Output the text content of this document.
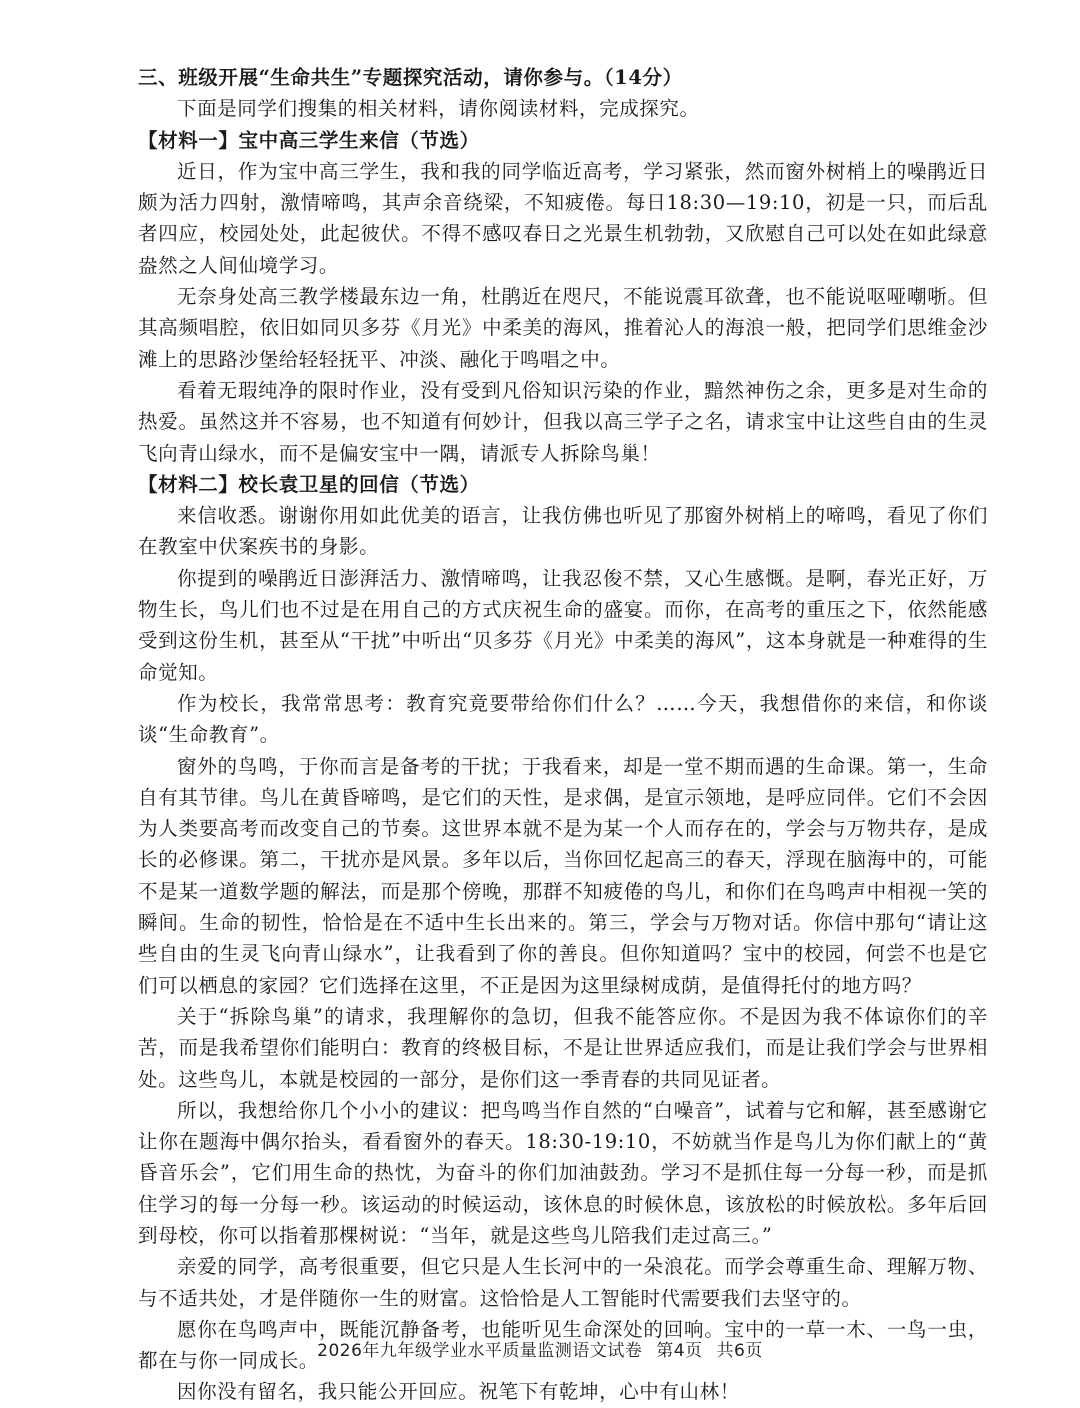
三、班级开展“生命共生”专题探究活动，请你参与。（14分）

下面是同学们搜集的相关材料，请你阅读材料，完成探究。

【材料一】宝中高三学生来信（节选）

近日，作为宝中高三学生，我和我的同学临近高考，学习紧张，然而窗外树梢上的噪鹃近日颇为活力四射，激情啼鸣，其声余音绕梁，不知疲倦。每日18:30—19:10，初是一只，而后乱者四应，校园处处，此起彼伏。不得不感叹春日之光景生机勃勃，又欣慰自己可以处在如此绿意盎然之人间仙境学习。

无奈身处高三教学楼最东边一角，杜鹃近在咫尺，不能说震耳欲聋，也不能说呕哑嘲哳。但其高频唱腔，依旧如同贝多芬《月光》中柔美的海风，推着沁人的海浪一般，把同学们思维金沙滩上的思路沙堡给轻轻抚平、冲淡、融化于鸣唱之中。

看着无瑕纯净的限时作业，没有受到凡俗知识污染的作业，黯然神伤之余，更多是对生命的热爱。虽然这并不容易，也不知道有何妙计，但我以高三学子之名，请求宝中让这些自由的生灵飞向青山绿水，而不是偏安宝中一隅，请派专人拆除鸟巢！

【材料二】校长袁卫星的回信（节选）

来信收悉。谢谢你用如此优美的语言，让我仿佛也听见了那窗外树梢上的啼鸣，看见了你们在教室中伏案疾书的身影。

你提到的噪鹃近日澎湃活力、激情啼鸣，让我忍俊不禁，又心生感慨。是啊，春光正好，万物生长，鸟儿们也不过是在用自己的方式庆祝生命的盛宴。而你，在高考的重压之下，依然能感受到这份生机，甚至从“干扰”中听出“贝多芬《月光》中柔美的海风”，这本身就是一种难得的生命觉知。

作为校长，我常常思考：教育究竟要带给你们什么？……今天，我想借你的来信，和你谈谈“生命教育”。

窗外的鸟鸣，于你而言是备考的干扰；于我看来，却是一堂不期而遇的生命课。第一，生命自有其节律。鸟儿在黄昏啼鸣，是它们的天性，是求偶，是宣示领地，是呼应同伴。它们不会因为人类要高考而改变自己的节奏。这世界本就不是为某一个人而存在的，学会与万物共存，是成长的必修课。第二，干扰亦是风景。多年以后，当你回忆起高三的春天，浮现在脑海中的，可能不是某一道数学题的解法，而是那个傍晚，那群不知疲倦的鸟儿，和你们在鸟鸣声中相视一笑的瞬间。生命的韧性，恰恰是在不适中生长出来的。第三，学会与万物对话。你信中那句“请让这些自由的生灵飞向青山绿水”，让我看到了你的善良。但你知道吗？宝中的校园，何尝不也是它们可以栖息的家园？它们选择在这里，不正是因为这里绿树成荫，是值得托付的地方吗？

关于“拆除鸟巢”的请求，我理解你的急切，但我不能答应你。不是因为我不体谅你们的辛苦，而是我希望你们能明白：教育的终极目标，不是让世界适应我们，而是让我们学会与世界相处。这些鸟儿，本就是校园的一部分，是你们这一季青春的共同见证者。

所以，我想给你几个小小的建议：把鸟鸣当作自然的“白噪音”，试着与它和解，甚至感谢它让你在题海中偶尔抬头，看看窗外的春天。18:30-19:10，不妨就当作是鸟儿为你们献上的“黄昏音乐会”，它们用生命的热忱，为奋斗的你们加油鼓劲。学习不是抓住每一分每一秒，而是抓住学习的每一分每一秒。该运动的时候运动，该休息的时候休息，该放松的时候放松。多年后回到母校，你可以指着那棵树说：“当年，就是这些鸟儿陪我们走过高三。”

亲爱的同学，高考很重要，但它只是人生长河中的一朵浪花。而学会尊重生命、理解万物、与不适共处，才是伴随你一生的财富。这恰恰是人工智能时代需要我们去坚守的。

愿你在鸟鸣声中，既能沉静备考，也能听见生命深处的回响。宝中的一草一木、一鸟一虫，都在与你一同成长。

因你没有留名，我只能公开回应。祝笔下有乾坤，心中有山林！

2026年九年级学业水平质量监测语文试卷 第4页 共6页
